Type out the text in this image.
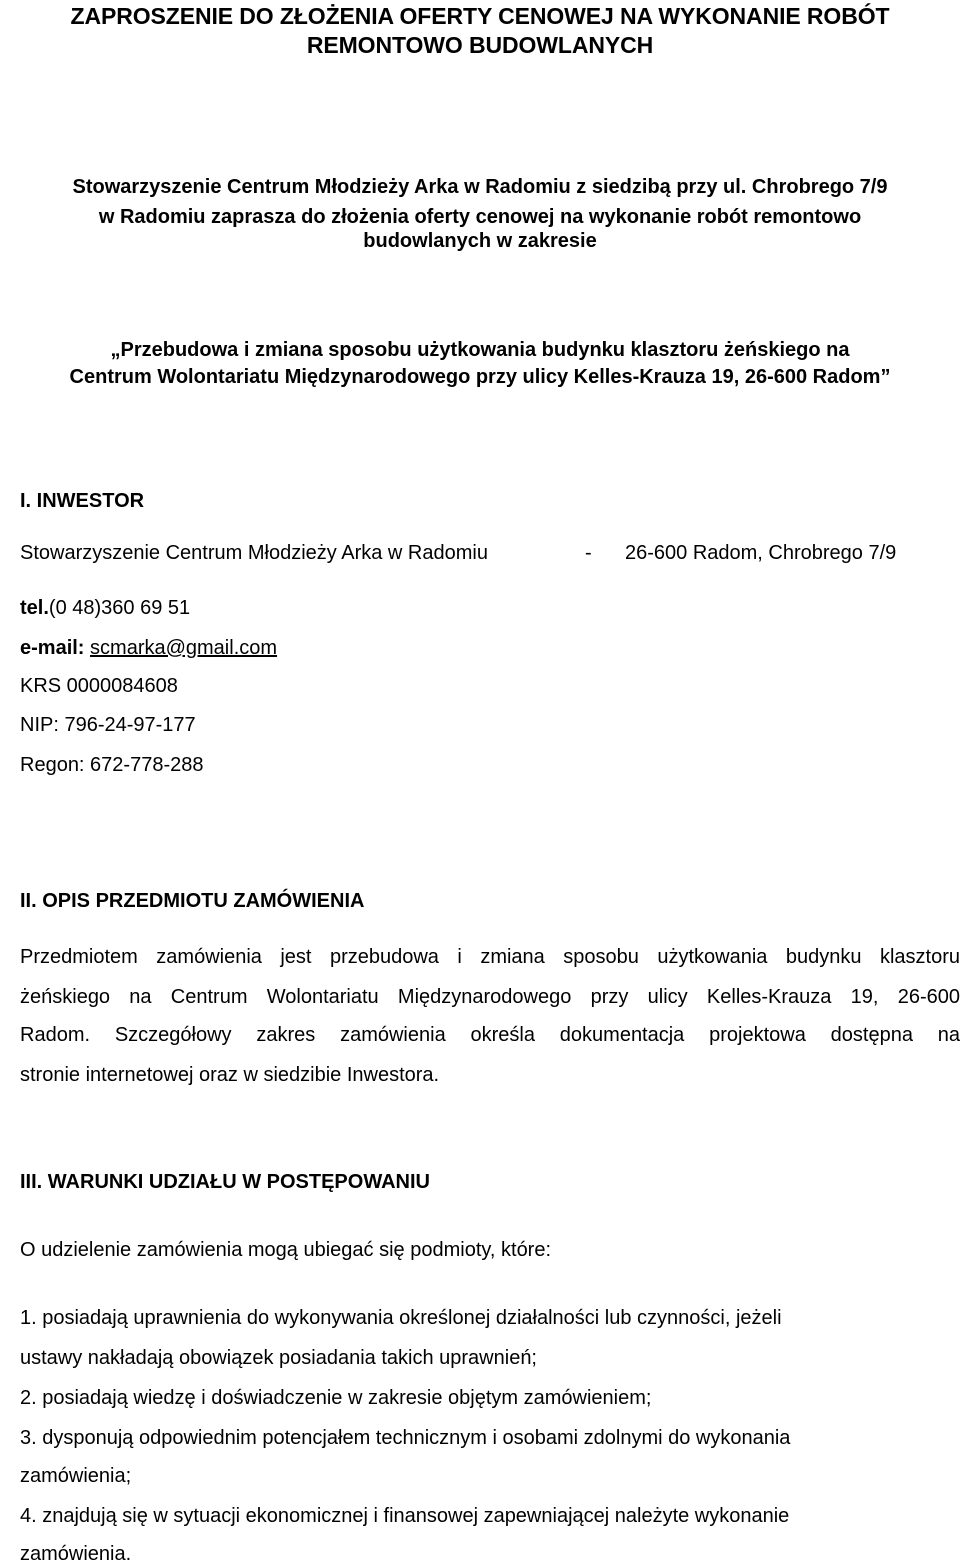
ZAPROSZENIE DO ZŁOŻENIA OFERTY CENOWEJ NA WYKONANIE ROBÓT
REMONTOWO BUDOWLANYCH
Stowarzyszenie Centrum Młodzieży Arka w Radomiu z siedzibą przy ul. Chrobrego 7/9
w Radomiu zaprasza do złożenia oferty cenowej na wykonanie robót remontowo
budowlanych w zakresie
„Przebudowa i zmiana sposobu użytkowania budynku klasztoru żeńskiego na
Centrum Wolontariatu Międzynarodowego przy ulicy Kelles-Krauza 19, 26-600 Radom”
I. INWESTOR
Stowarzyszenie Centrum Młodzieży Arka w Radomiu	- 26-600 Radom, Chrobrego 7/9
tel.(0 48)360 69 51
e-mail: scmarka@gmail.com
KRS 0000084608
NIP: 796-24-97-177
Regon: 672-778-288
II. OPIS PRZEDMIOTU ZAMÓWIENIA
Przedmiotem zamówienia jest przebudowa i zmiana sposobu użytkowania budynku klasztoru
żeńskiego na Centrum Wolontariatu Międzynarodowego przy ulicy Kelles-Krauza 19, 26-600
Radom. Szczegółowy zakres zamówienia określa dokumentacja projektowa dostępna na
stronie internetowej oraz w siedzibie Inwestora.
III. WARUNKI UDZIAŁU W POSTĘPOWANIU
O udzielenie zamówienia mogą ubiegać się podmioty, które:
1. posiadają uprawnienia do wykonywania określonej działalności lub czynności, jeżeli
ustawy nakładają obowiązek posiadania takich uprawnień;
2. posiadają wiedzę i doświadczenie w zakresie objętym zamówieniem;
3. dysponują odpowiednim potencjałem technicznym i osobami zdolnymi do wykonania
zamówienia;
4. znajdują się w sytuacji ekonomicznej i finansowej zapewniającej należyte wykonanie
zamówienia.
